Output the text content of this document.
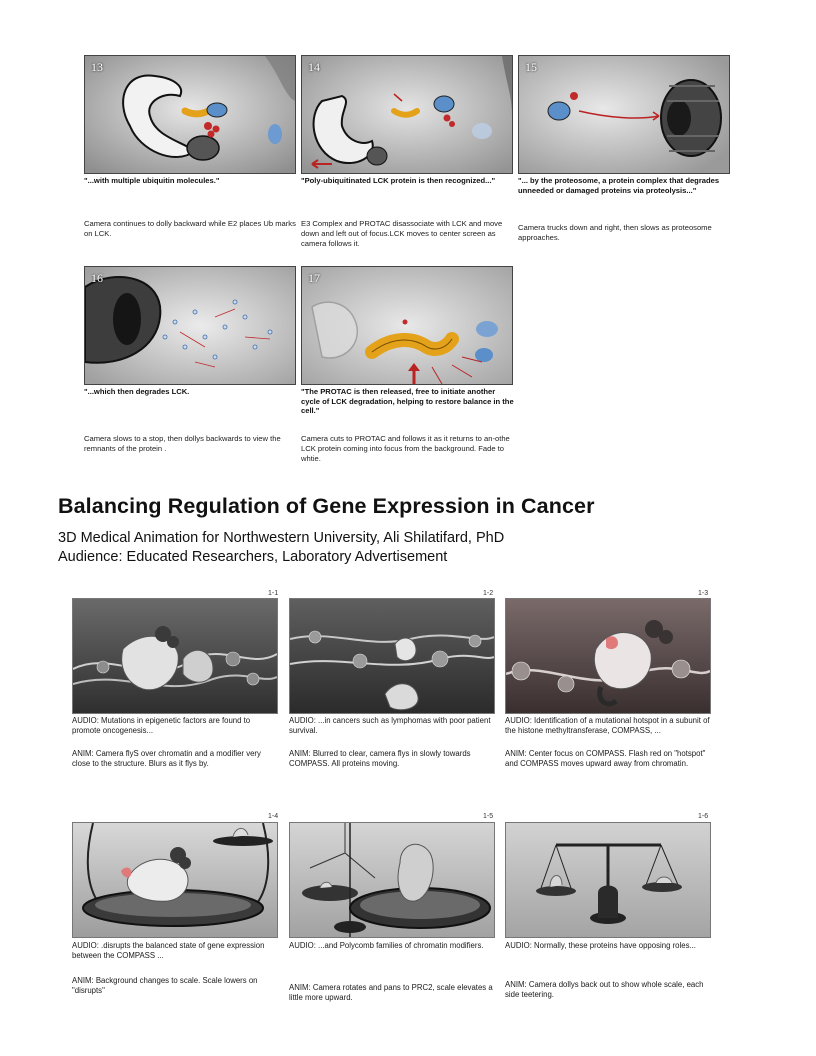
13
"...with multiple ubiquitin molecules."
Camera continues to dolly backward while E2 places Ub marks on LCK.
14
"Poly-ubiquitinated LCK protein is then recognized..."
E3 Complex and PROTAC disassociate with LCK and move down and left out of focus.LCK moves to center screen as camera follows it.
15
"... by the proteosome, a protein complex that degrades unneeded or damaged proteins via proteolysis..."
Camera trucks down and right, then slows as proteosome approaches.
16
"...which then degrades LCK.
Camera slows to a stop, then dollys backwards to view the remnants of the protein .
17
"The PROTAC is then released, free to initiate another cycle of LCK degradation, helping to restore balance in the cell."
Camera cuts to PROTAC and follows it as it returns to an-othe LCK protein coming into focus from the background. Fade to whtie.
Balancing Regulation of Gene Expression in Cancer
3D Medical Animation for Northwestern University, Ali Shilatifard, PhD
Audience: Educated Researchers, Laboratory Advertisement
1-1
AUDIO: Mutations in epigenetic factors are found to promote oncogenesis...
ANIM: Camera flyS over chromatin and a modifier very close to the structure. Blurs as it flys by.
1-2
AUDIO: ...in cancers such as lymphomas with poor patient survival.
ANIM: Blurred to clear, camera flys in slowly towards COMPASS. All proteins moving.
1-3
AUDIO: Identification of a mutational hotspot in a subunit of the histone methyltransferase, COMPASS, ...
ANIM: Center focus on COMPASS. Flash red on "hotspot" and COMPASS moves upward away from chromatin.
1-4
AUDIO: .disrupts the balanced state of gene expression between the COMPASS ...
ANIM: Background changes to scale. Scale lowers on "disrupts"
1-5
AUDIO: ...and Polycomb families of chromatin modifiers.
ANIM: Camera rotates and pans to PRC2, scale elevates a little more upward.
1-6
AUDIO: Normally, these proteins have opposing roles...
ANIM: Camera dollys back out to show whole scale, each side teetering.
